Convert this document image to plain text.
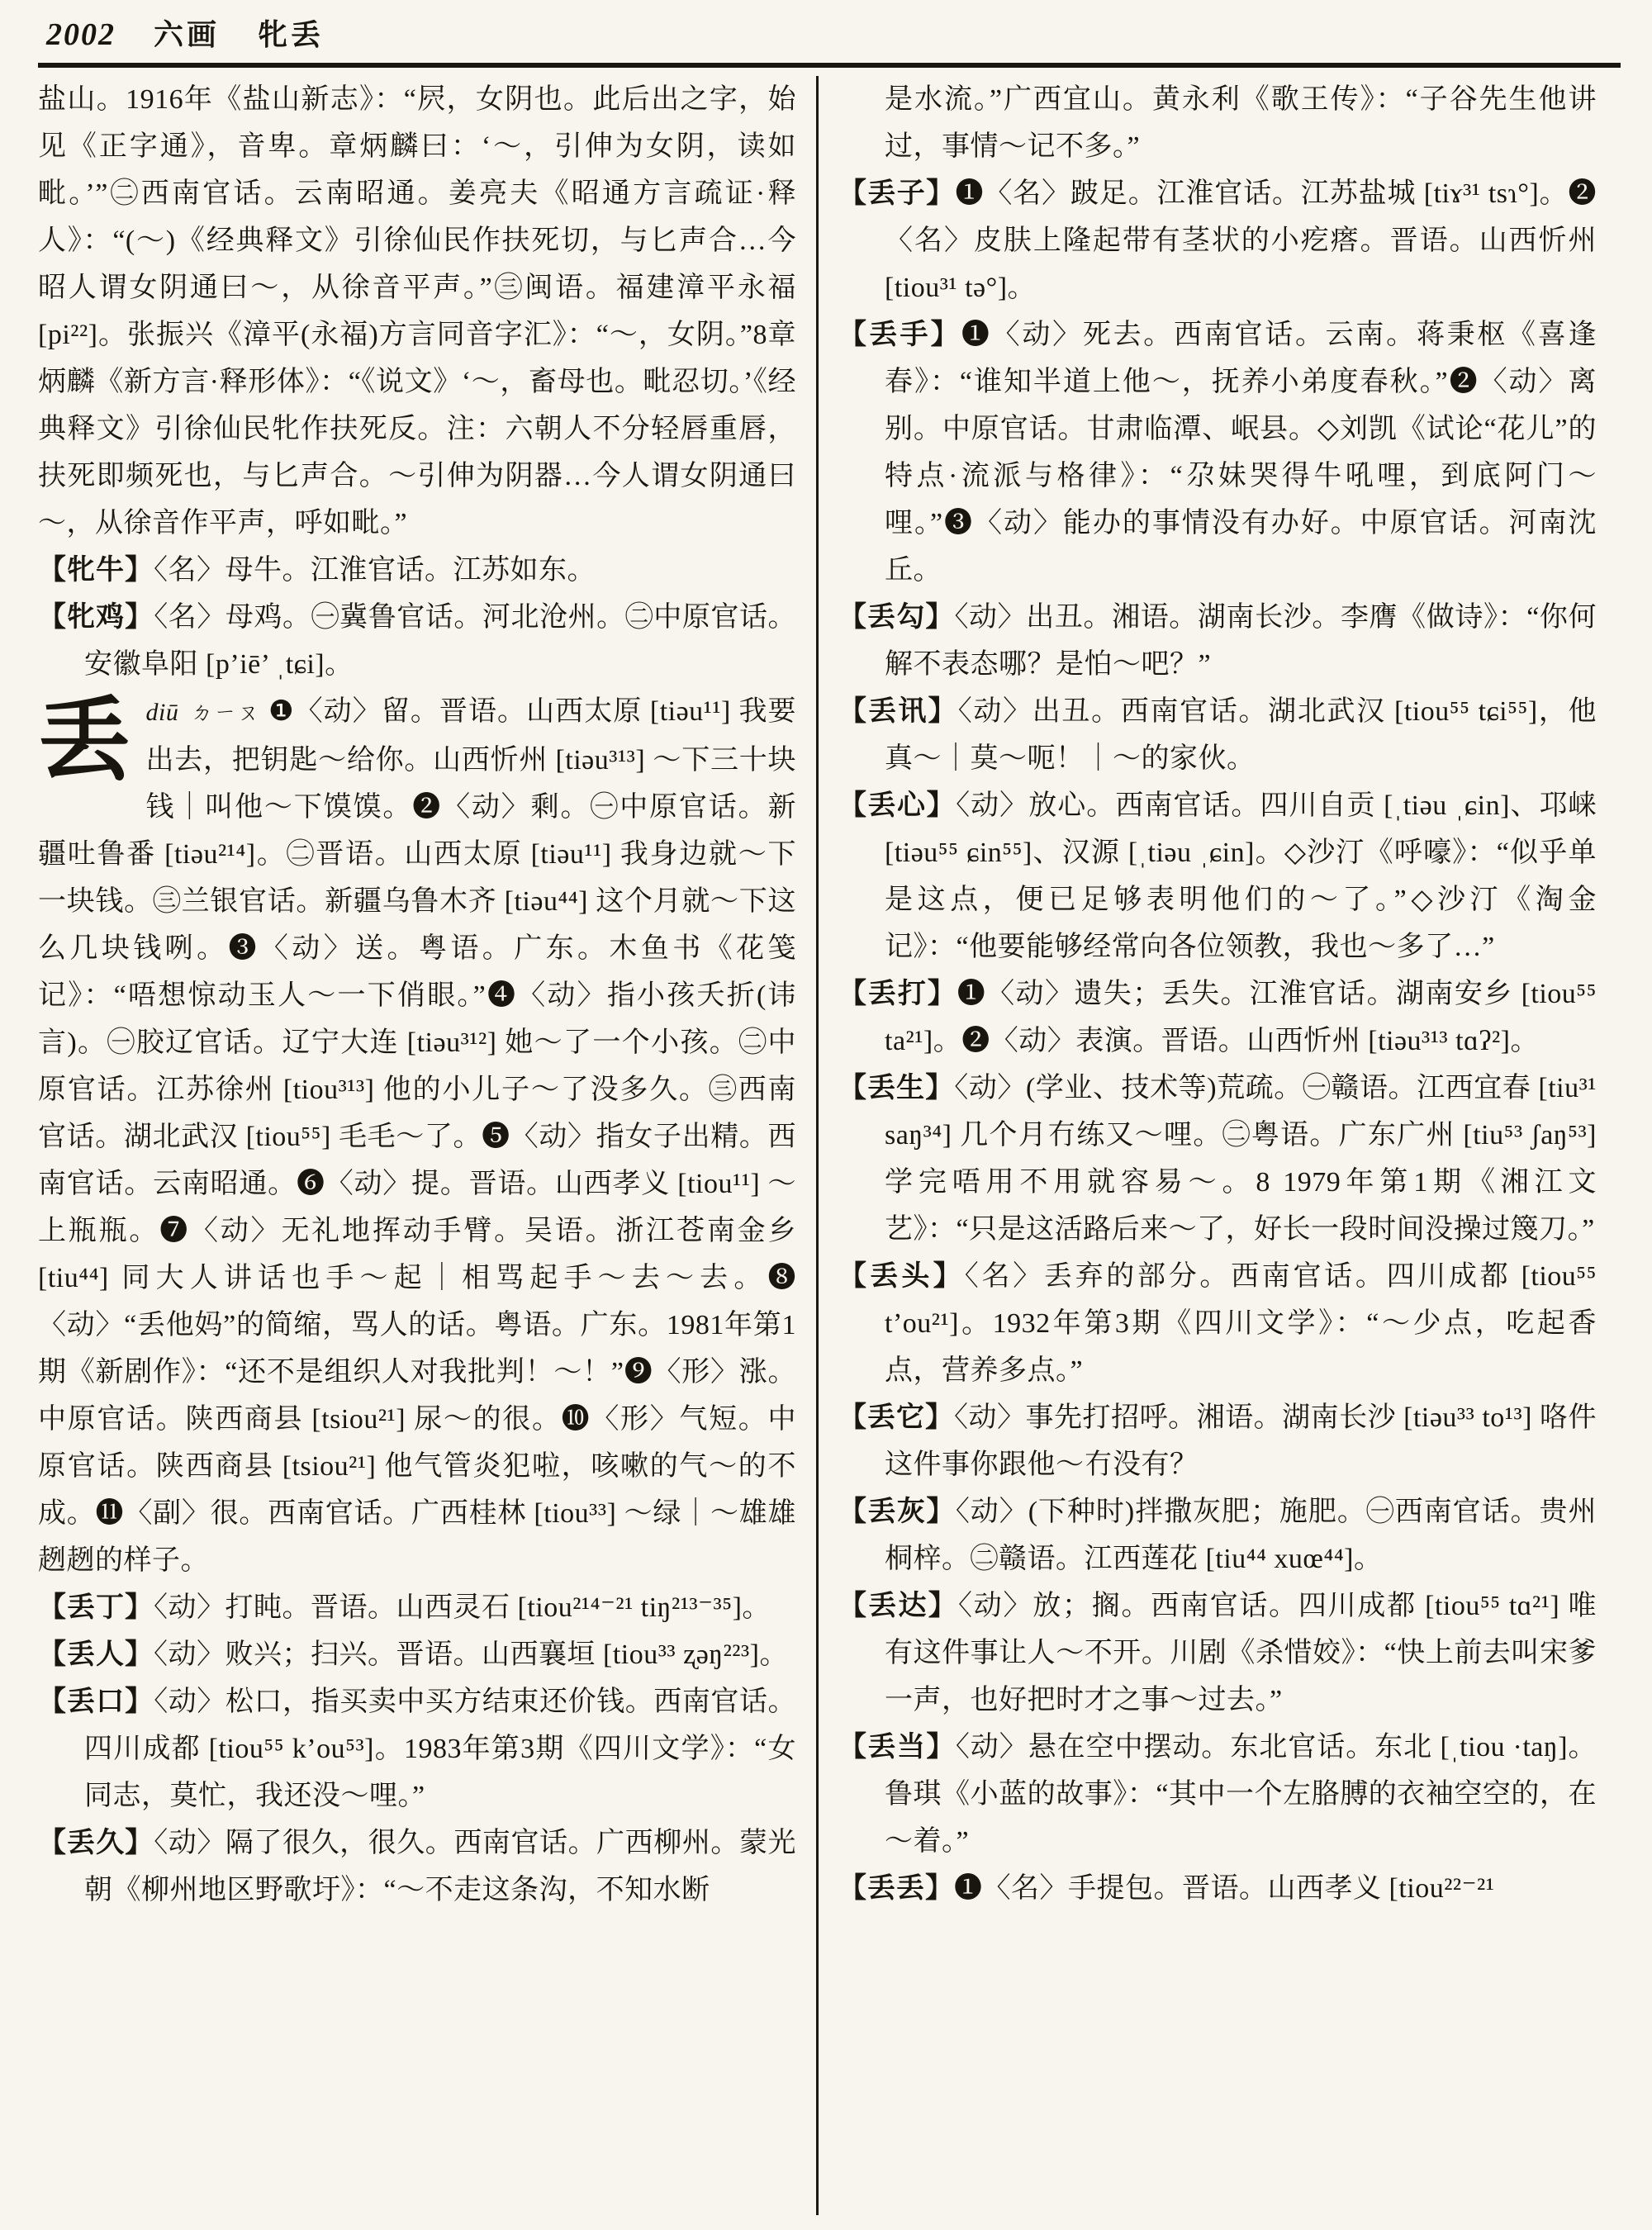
2002 六画 牝丢

盐山。1916年《盐山新志》：“屄，女阴也。此后出之字，始见《正字通》，音卑。章炳麟曰：‘～，引伸为女阴，读如毗。’”㊁西南官话。云南昭通。姜亮夫《昭通方言疏证·释人》：“(～)《经典释文》引徐仙民作扶死切，与匕声合…今昭人谓女阴通曰～，从徐音平声。”㊂闽语。福建漳平永福 [pi²²]。张振兴《漳平(永福)方言同音字汇》：“～，女阴。”8章炳麟《新方言·释形体》：“《说文》‘～，畜母也。毗忍切。’《经典释文》引徐仙民牝作扶死反。注：六朝人不分轻唇重唇，扶死即频死也，与匕声合。～引伸为阴器…今人谓女阴通曰～，从徐音作平声，呼如毗。”

【牝牛】〈名〉母牛。江淮官话。江苏如东。

【牝鸡】〈名〉母鸡。㊀冀鲁官话。河北沧州。㊁中原官话。安徽阜阳 [p’iē’ ˌtɕi]。

丢diū ㄉㄧㄡ ❶〈动〉留。晋语。山西太原 [tiəu¹¹] 我要出去，把钥匙～给你。山西忻州 [tiəu³¹³] ～下三十块钱｜叫他～下馍馍。❷〈动〉剩。㊀中原官话。新疆吐鲁番 [tiəu²¹⁴]。㊁晋语。山西太原 [tiəu¹¹] 我身边就～下一块钱。㊂兰银官话。新疆乌鲁木齐 [tiəu⁴⁴] 这个月就～下这么几块钱咧。❸〈动〉送。粤语。广东。木鱼书《花笺记》：“唔想惊动玉人～一下俏眼。”❹〈动〉指小孩夭折(讳言)。㊀胶辽官话。辽宁大连 [tiəu³¹²] 她～了一个小孩。㊁中原官话。江苏徐州 [tiou³¹³] 他的小儿子～了没多久。㊂西南官话。湖北武汉 [tiou⁵⁵] 毛毛～了。❺〈动〉指女子出精。西南官话。云南昭通。❻〈动〉提。晋语。山西孝义 [tiou¹¹] ～上瓶瓶。❼〈动〉无礼地挥动手臂。吴语。浙江苍南金乡 [tiu⁴⁴] 同大人讲话也手～起｜相骂起手～去～去。❽〈动〉“丢他妈”的简缩，骂人的话。粤语。广东。1981年第1期《新剧作》：“还不是组织人对我批判！～！”❾〈形〉涨。中原官话。陕西商县 [tsiou²¹] 尿～的很。❿〈形〉气短。中原官话。陕西商县 [tsiou²¹] 他气管炎犯啦，咳嗽的气～的不成。⓫〈副〉很。西南官话。广西桂林 [tiou³³] ～绿｜～雄雄趔趔的样子。

【丢丁】〈动〉打盹。晋语。山西灵石 [tiou²¹⁴⁻²¹ tiŋ²¹³⁻³⁵]。

【丢人】〈动〉败兴；扫兴。晋语。山西襄垣 [tiou³³ ʐəŋ²²³]。

【丢口】〈动〉松口，指买卖中买方结束还价钱。西南官话。四川成都 [tiou⁵⁵ k’ou⁵³]。1983年第3期《四川文学》：“女同志，莫忙，我还没～哩。”

【丢久】〈动〉隔了很久，很久。西南官话。广西柳州。蒙光朝《柳州地区野歌圩》：“～不走这条沟，不知水断

是水流。”广西宜山。黄永利《歌王传》：“子谷先生他讲过，事情～记不多。”

【丢子】❶〈名〉跛足。江淮官话。江苏盐城 [tiɤ³¹ tsɿ°]。❷〈名〉皮肤上隆起带有茎状的小疙瘩。晋语。山西忻州 [tiou³¹ tə°]。

【丢手】❶〈动〉死去。西南官话。云南。蒋秉枢《喜逢春》：“谁知半道上他～，抚养小弟度春秋。”❷〈动〉离别。中原官话。甘肃临潭、岷县。◇刘凯《试论“花儿”的特点·流派与格律》：“尕妹哭得牛吼哩，到底阿门～哩。”❸〈动〉能办的事情没有办好。中原官话。河南沈丘。

【丢勾】〈动〉出丑。湘语。湖南长沙。李膺《做诗》：“你何解不表态哪？是怕～吧？”

【丢讯】〈动〉出丑。西南官话。湖北武汉 [tiou⁵⁵ tɕi⁵⁵]，他真～｜莫～呃！｜～的家伙。

【丢心】〈动〉放心。西南官话。四川自贡 [ˌtiəu ˌɕin]、邛崃 [tiəu⁵⁵ ɕin⁵⁵]、汉源 [ˌtiəu ˌɕin]。◇沙汀《呼嚎》：“似乎单是这点，便已足够表明他们的～了。”◇沙汀《淘金记》：“他要能够经常向各位领教，我也～多了…”

【丢打】❶〈动〉遗失；丢失。江淮官话。湖南安乡 [tiou⁵⁵ ta²¹]。❷〈动〉表演。晋语。山西忻州 [tiəu³¹³ tɑʔ²]。

【丢生】〈动〉(学业、技术等)荒疏。㊀赣语。江西宜春 [tiu³¹ saŋ³⁴] 几个月冇练又～哩。㊁粤语。广东广州 [tiu⁵³ ʃaŋ⁵³] 学完唔用不用就容易～。8 1979年第1期《湘江文艺》：“只是这活路后来～了，好长一段时间没操过篾刀。”

【丢头】〈名〉丢弃的部分。西南官话。四川成都 [tiou⁵⁵ t’ou²¹]。1932年第3期《四川文学》：“～少点，吃起香点，营养多点。”

【丢它】〈动〉事先打招呼。湘语。湖南长沙 [tiəu³³ to¹³] 咯件这件事你跟他～冇没有？

【丢灰】〈动〉(下种时)拌撒灰肥；施肥。㊀西南官话。贵州桐梓。㊁赣语。江西莲花 [tiu⁴⁴ xuœ⁴⁴]。

【丢达】〈动〉放；搁。西南官话。四川成都 [tiou⁵⁵ tɑ²¹] 唯有这件事让人～不开。川剧《杀惜姣》：“快上前去叫宋爹一声，也好把时才之事～过去。”

【丢当】〈动〉悬在空中摆动。东北官话。东北 [ˌtiou ·taŋ]。鲁琪《小蓝的故事》：“其中一个左胳膊的衣袖空空的，在～着。”

【丢丢】❶〈名〉手提包。晋语。山西孝义 [tiou²²⁻²¹
